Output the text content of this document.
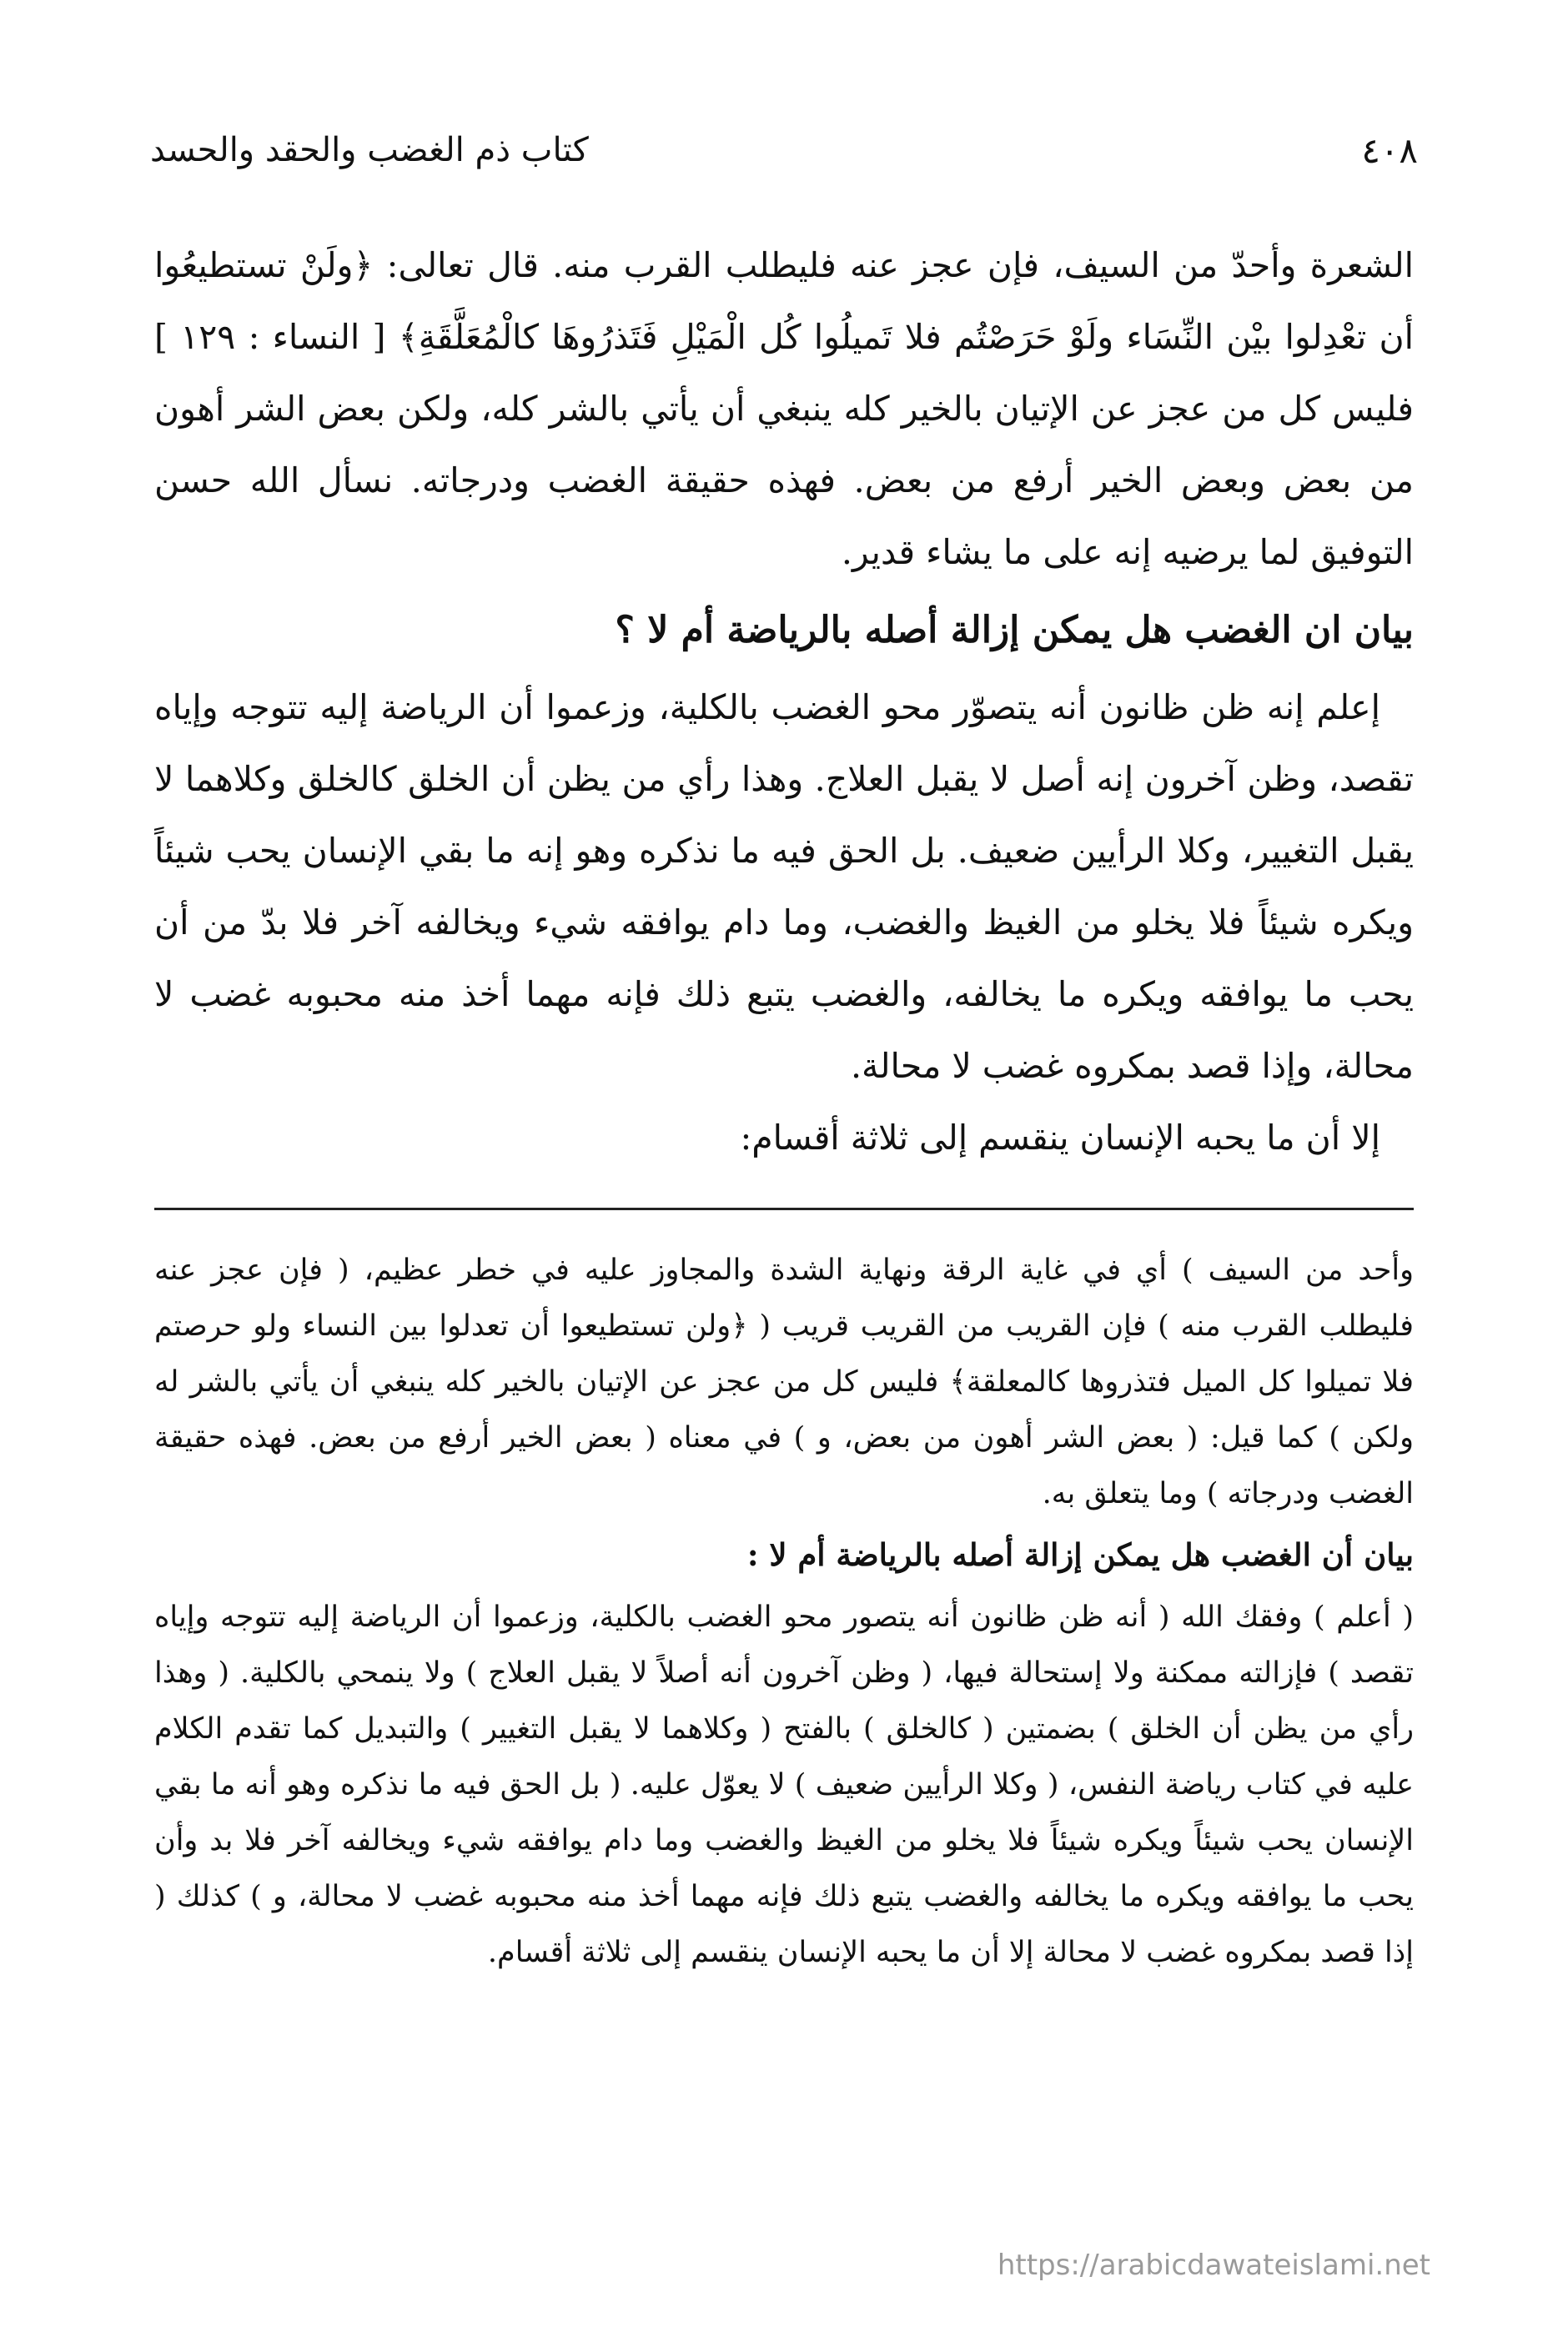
٤٠٨
كتاب ذم الغضب والحقد والحسد

الشعرة وأحدّ من السيف، فإن عجز عنه فليطلب القرب منه. قال تعالى: ﴿ولَنْ تستطيعُوا أن تعْدِلوا بيْن النِّسَاء ولَوْ حَرَصْتُم فلا تَميلُوا كُل الْمَيْلِ فَتَذرُوهَا كالْمُعَلَّقَةِ﴾ [ النساء : ١٢٩ ] فليس كل من عجز عن الإتيان بالخير كله ينبغي أن يأتي بالشر كله، ولكن بعض الشر أهون من بعض وبعض الخير أرفع من بعض. فهذه حقيقة الغضب ودرجاته. نسأل الله حسن التوفيق لما يرضيه إنه على ما يشاء قدير.

بيان ان الغضب هل يمكن إزالة أصله بالرياضة أم لا ؟

إعلم إنه ظن ظانون أنه يتصوّر محو الغضب بالكلية، وزعموا أن الرياضة إليه تتوجه وإياه تقصد، وظن آخرون إنه أصل لا يقبل العلاج. وهذا رأي من يظن أن الخلق كالخلق وكلاهما لا يقبل التغيير، وكلا الرأيين ضعيف. بل الحق فيه ما نذكره وهو إنه ما بقي الإنسان يحب شيئاً ويكره شيئاً فلا يخلو من الغيظ والغضب، وما دام يوافقه شيء ويخالفه آخر فلا بدّ من أن يحب ما يوافقه ويكره ما يخالفه، والغضب يتبع ذلك فإنه مهما أخذ منه محبوبه غضب لا محالة، وإذا قصد بمكروه غضب لا محالة.

إلا أن ما يحبه الإنسان ينقسم إلى ثلاثة أقسام:

وأحد من السيف ) أي في غاية الرقة ونهاية الشدة والمجاوز عليه في خطر عظيم، ( فإن عجز عنه فليطلب القرب منه ) فإن القريب من القريب قريب ( ﴿ولن تستطيعوا أن تعدلوا بين النساء ولو حرصتم فلا تميلوا كل الميل فتذروها كالمعلقة﴾ فليس كل من عجز عن الإتيان بالخير كله ينبغي أن يأتي بالشر له ولكن ) كما قيل: ( بعض الشر أهون من بعض، و ) في معناه ( بعض الخير أرفع من بعض. فهذه حقيقة الغضب ودرجاته ) وما يتعلق به.

بيان أن الغضب هل يمكن إزالة أصله بالرياضة أم لا :

( أعلم ) وفقك الله ( أنه ظن ظانون أنه يتصور محو الغضب بالكلية، وزعموا أن الرياضة إليه تتوجه وإياه تقصد ) فإزالته ممكنة ولا إستحالة فيها، ( وظن آخرون أنه أصلاً لا يقبل العلاج ) ولا ينمحي بالكلية. ( وهذا رأي من يظن أن الخلق ) بضمتين ( كالخلق ) بالفتح ( وكلاهما لا يقبل التغيير ) والتبديل كما تقدم الكلام عليه في كتاب رياضة النفس، ( وكلا الرأيين ضعيف ) لا يعوّل عليه. ( بل الحق فيه ما نذكره وهو أنه ما بقي الإنسان يحب شيئاً ويكره شيئاً فلا يخلو من الغيظ والغضب وما دام يوافقه شيء ويخالفه آخر فلا بد وأن يحب ما يوافقه ويكره ما يخالفه والغضب يتبع ذلك فإنه مهما أخذ منه محبوبه غضب لا محالة، و ) كذلك ( إذا قصد بمكروه غضب لا محالة إلا أن ما يحبه الإنسان ينقسم إلى ثلاثة أقسام.

https://arabicdawateislami.net
